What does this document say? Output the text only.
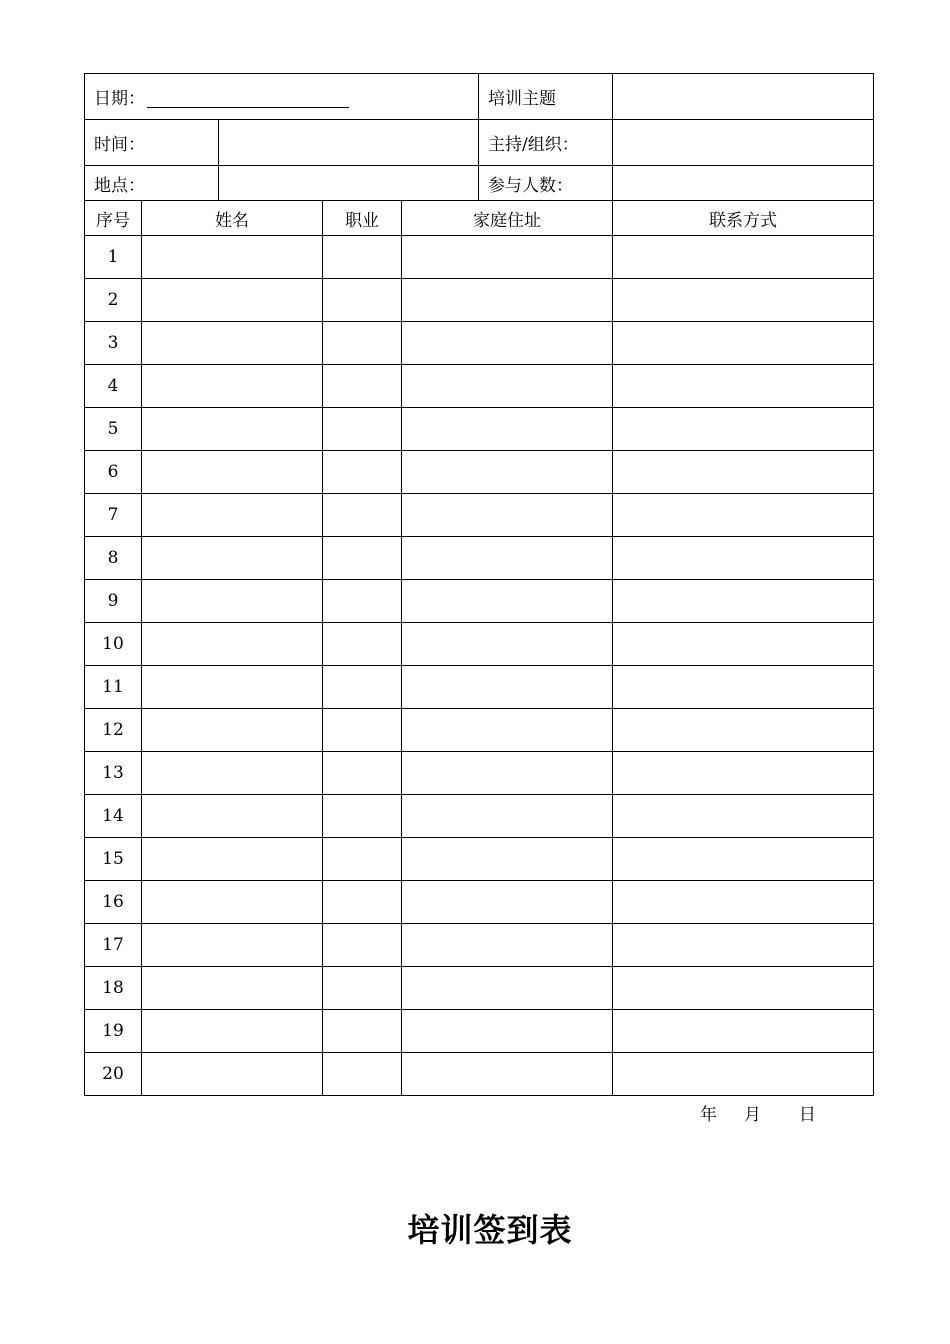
日期：					培训主题	
时间：					主持/组织：	
地点：					参与人数：	
序号	姓名		职业	家庭住址		联系方式
1						
2						
3						
4						
5						
6						
7						
8						
9						
10						
11						
12						
13						
14						
15						
16						
17						
18						
19						
20						
年     月       日
培训签到表
